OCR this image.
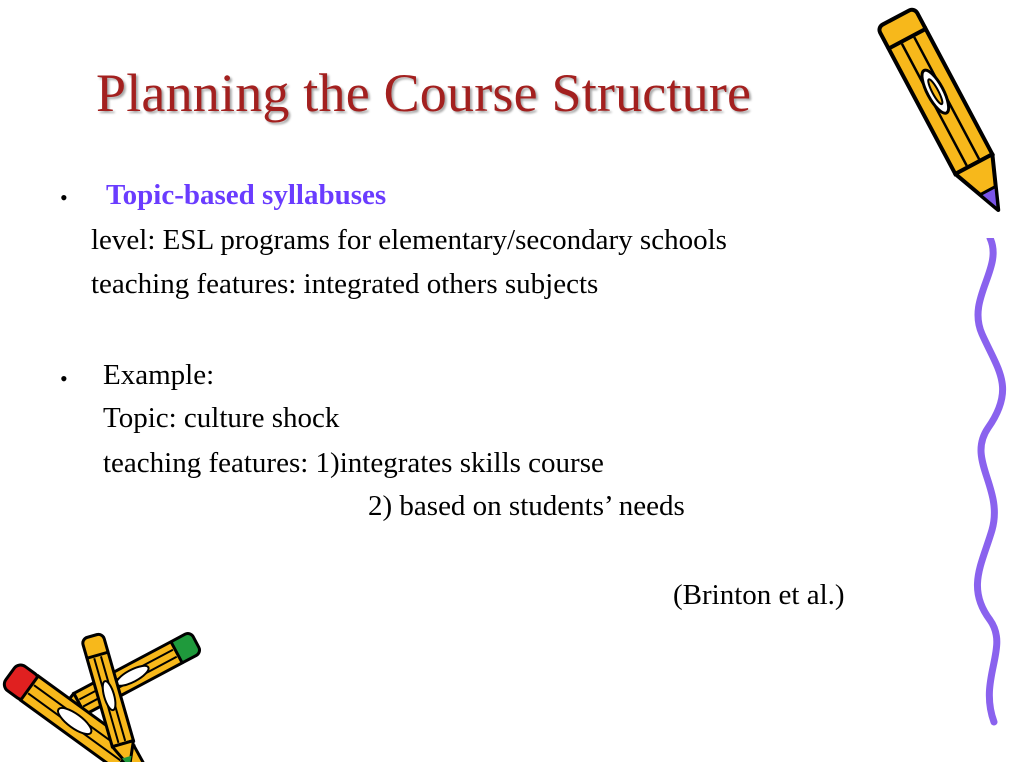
Planning the Course Structure
• Topic-based syllabuses
level: ESL programs for elementary/secondary schools
teaching features: integrated others subjects
• Example:
Topic: culture shock
teaching features: 1)integrates skills course
2) based on students’ needs
(Brinton et al.)
